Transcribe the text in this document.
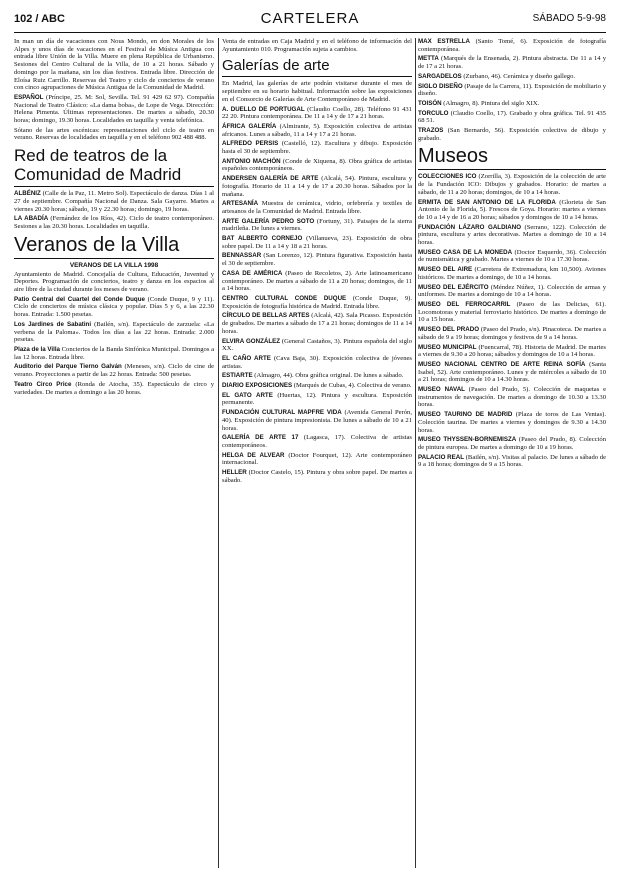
102 / ABC	CARTELERA	SÁBADO 5-9-98

In man un día de vacaciones con Nous Mondo, en don Morales de los Alpes y unos días de vacaciones en el Festival de Música Antigua con entrada libre Unión de la Villa. Muere en plena República de Urbanismo. Sesiones del Centro Cultural de la Villa, de 10 a 21 horas. Sábado y domingo por la mañana, sin los días festivos. Entrada libre. Dirección de Eloísa Ruiz Carrillo. Reservas del Teatro y ciclo de conciertos de verano con cinco agrupaciones de Música Antigua de la Comunidad de Madrid.

ESPAÑOL (Príncipe, 25. M: Sol, Sevilla. Tel. 91 429 62 97). Compañía Nacional de Teatro Clásico: «La dama boba», de Lope de Vega. Dirección: Helena Pimenta. Últimas representaciones. De martes a sábado, 20.30 horas; domingo, 19.30 horas. Localidades en taquilla y venta telefónica.

Sótano de las artes escénicas: representaciones del ciclo de teatro en verano. Reservas de localidades en taquilla y en el teléfono 902 488 488.

Red de teatros de la Comunidad de Madrid

ALBÉNIZ (Calle de la Paz, 11. Metro Sol). Espectáculo de danza. Días 1 al 27 de septiembre. Compañía Nacional de Danza. Sala Gayarre. Martes a viernes 20.30 horas; sábado, 19 y 22.30 horas; domingo, 19 horas.

LA ABADÍA (Fernández de los Ríos, 42). Ciclo de teatro contemporáneo. Sesiones a las 20.30 horas. Localidades en taquilla.

Veranos de la Villa
VERANOS DE LA VILLA 1998

Ayuntamiento de Madrid. Concejalía de Cultura, Educación, Juventud y Deportes. Programación de conciertos, teatro y danza en los espacios al aire libre de la ciudad durante los meses de verano.

Patio Central del Cuartel del Conde Duque (Conde Duque, 9 y 11). Ciclo de conciertos de música clásica y popular. Días 5 y 6, a las 22.30 horas. Entrada: 1.500 pesetas.

Los Jardines de Sabatini (Bailén, s/n). Espectáculo de zarzuela: «La verbena de la Paloma». Todos los días a las 22 horas. Entrada: 2.000 pesetas.

Plaza de la Villa Conciertos de la Banda Sinfónica Municipal. Domingos a las 12 horas. Entrada libre.

Auditorio del Parque Tierno Galván (Meneses, s/n). Ciclo de cine de verano. Proyecciones a partir de las 22 horas. Entrada: 500 pesetas.

Teatro Circo Price (Ronda de Atocha, 35). Espectáculo de circo y variedades. De martes a domingo a las 20 horas.

Venta de entradas en Caja Madrid y en el teléfono de información del Ayuntamiento 010. Programación sujeta a cambios.

Galerías de arte

En Madrid, las galerías de arte podrán visitarse durante el mes de septiembre en su horario habitual. Información sobre las exposiciones en el Consorcio de Galerías de Arte Contemporáneo de Madrid.

A. DUELLO DE PORTUGAL (Claudio Coello, 28). Teléfono 91 431 22 20. Pintura contemporánea. De 11 a 14 y de 17 a 21 horas.

ÁFRICA GALERÍA (Almirante, 5). Exposición colectiva de artistas africanos. Lunes a sábado, 11 a 14 y 17 a 21 horas.

ALFREDO PERSIS (Castelló, 12). Escultura y dibujo. Exposición hasta el 30 de septiembre.

ANTONIO MACHÓN (Conde de Xiquena, 8). Obra gráfica de artistas españoles contemporáneos.

ANDERSEN GALERÍA DE ARTE (Alcalá, 54). Pintura, escultura y fotografía. Horario de 11 a 14 y de 17 a 20.30 horas. Sábados por la mañana.

ARTESANÍA Muestra de cerámica, vidrio, orfebrería y textiles de artesanos de la Comunidad de Madrid. Entrada libre.

ARTE GALERÍA PEDRO SOTO (Fortuny, 31). Paisajes de la sierra madrileña. De lunes a viernes.

BAT ALBERTO CORNEJO (Villanueva, 23). Exposición de obra sobre papel. De 11 a 14 y 18 a 21 horas.

BENNASSAR (San Lorenzo, 12). Pintura figurativa. Exposición hasta el 30 de septiembre.

CASA DE AMÉRICA (Paseo de Recoletos, 2). Arte latinoamericano contemporáneo. De martes a sábado de 11 a 20 horas; domingos, de 11 a 14 horas.

CENTRO CULTURAL CONDE DUQUE (Conde Duque, 9). Exposición de fotografía histórica de Madrid. Entrada libre.

CÍRCULO DE BELLAS ARTES (Alcalá, 42). Sala Picasso. Exposición de grabados. De martes a sábado de 17 a 21 horas; domingos de 11 a 14 horas.

ELVIRA GONZÁLEZ (General Castaños, 3). Pintura española del siglo XX.

EL CAÑO ARTE (Cava Baja, 30). Exposición colectiva de jóvenes artistas.

ESTIARTE (Almagro, 44). Obra gráfica original. De lunes a sábado.

DIARIO EXPOSICIONES (Marqués de Cubas, 4). Colectiva de verano.

EL GATO ARTE (Huertas, 12). Pintura y escultura. Exposición permanente.

FUNDACIÓN CULTURAL MAPFRE VIDA (Avenida General Perón, 40). Exposición de pintura impresionista. De lunes a sábado de 10 a 21 horas.

GALERÍA DE ARTE 17 (Lagasca, 17). Colectiva de artistas contemporáneos.

HELGA DE ALVEAR (Doctor Fourquet, 12). Arte contemporáneo internacional.

HELLER (Doctor Castelo, 15). Pintura y obra sobre papel. De martes a sábado.

MAX ESTRELLA (Santo Tomé, 6). Exposición de fotografía contemporánea.

METTA (Marqués de la Ensenada, 2). Pintura abstracta. De 11 a 14 y de 17 a 21 horas.

SARGADELOS (Zurbano, 46). Cerámica y diseño gallego.

SIGLO DISEÑO (Pasaje de la Carrera, 11). Exposición de mobiliario y diseño.

TOISÓN (Almagro, 8). Pintura del siglo XIX.

TORCULO (Claudio Coello, 17). Grabado y obra gráfica. Tel. 91 435 68 51.

TRAZOS (San Bernardo, 56). Exposición colectiva de dibujo y grabado.

Museos

COLECCIONES ICO (Zorrilla, 3). Exposición de la colección de arte de la Fundación ICO: Dibujos y grabados. Horario: de martes a sábado, de 11 a 20 horas; domingos, de 10 a 14 horas.

ERMITA DE SAN ANTONIO DE LA FLORIDA (Glorieta de San Antonio de la Florida, 5). Frescos de Goya. Horario: martes a viernes de 10 a 14 y de 16 a 20 horas; sábados y domingos de 10 a 14 horas.

FUNDACIÓN LÁZARO GALDIANO (Serrano, 122). Colección de pintura, escultura y artes decorativas. Martes a domingo de 10 a 14 horas.

MUSEO CASA DE LA MONEDA (Doctor Esquerdo, 36). Colección de numismática y grabado. Martes a viernes de 10 a 17.30 horas.

MUSEO DEL AIRE (Carretera de Extremadura, km 10,500). Aviones históricos. De martes a domingo, de 10 a 14 horas.

MUSEO DEL EJÉRCITO (Méndez Núñez, 1). Colección de armas y uniformes. De martes a domingo de 10 a 14 horas.

MUSEO DEL FERROCARRIL (Paseo de las Delicias, 61). Locomotoras y material ferroviario histórico. De martes a domingo de 10 a 15 horas.

MUSEO DEL PRADO (Paseo del Prado, s/n). Pinacoteca. De martes a sábado de 9 a 19 horas; domingos y festivos de 9 a 14 horas.

MUSEO MUNICIPAL (Fuencarral, 78). Historia de Madrid. De martes a viernes de 9.30 a 20 horas; sábados y domingos de 10 a 14 horas.

MUSEO NACIONAL CENTRO DE ARTE REINA SOFÍA (Santa Isabel, 52). Arte contemporáneo. Lunes y de miércoles a sábado de 10 a 21 horas; domingos de 10 a 14.30 horas.

MUSEO NAVAL (Paseo del Prado, 5). Colección de maquetas e instrumentos de navegación. De martes a domingo de 10.30 a 13.30 horas.

MUSEO TAURINO DE MADRID (Plaza de toros de Las Ventas). Colección taurina. De martes a viernes y domingos de 9.30 a 14.30 horas.

MUSEO THYSSEN-BORNEMISZA (Paseo del Prado, 8). Colección de pintura europea. De martes a domingo de 10 a 19 horas.

PALACIO REAL (Bailén, s/n). Visitas al palacio. De lunes a sábado de 9 a 18 horas; domingos de 9 a 15 horas.
